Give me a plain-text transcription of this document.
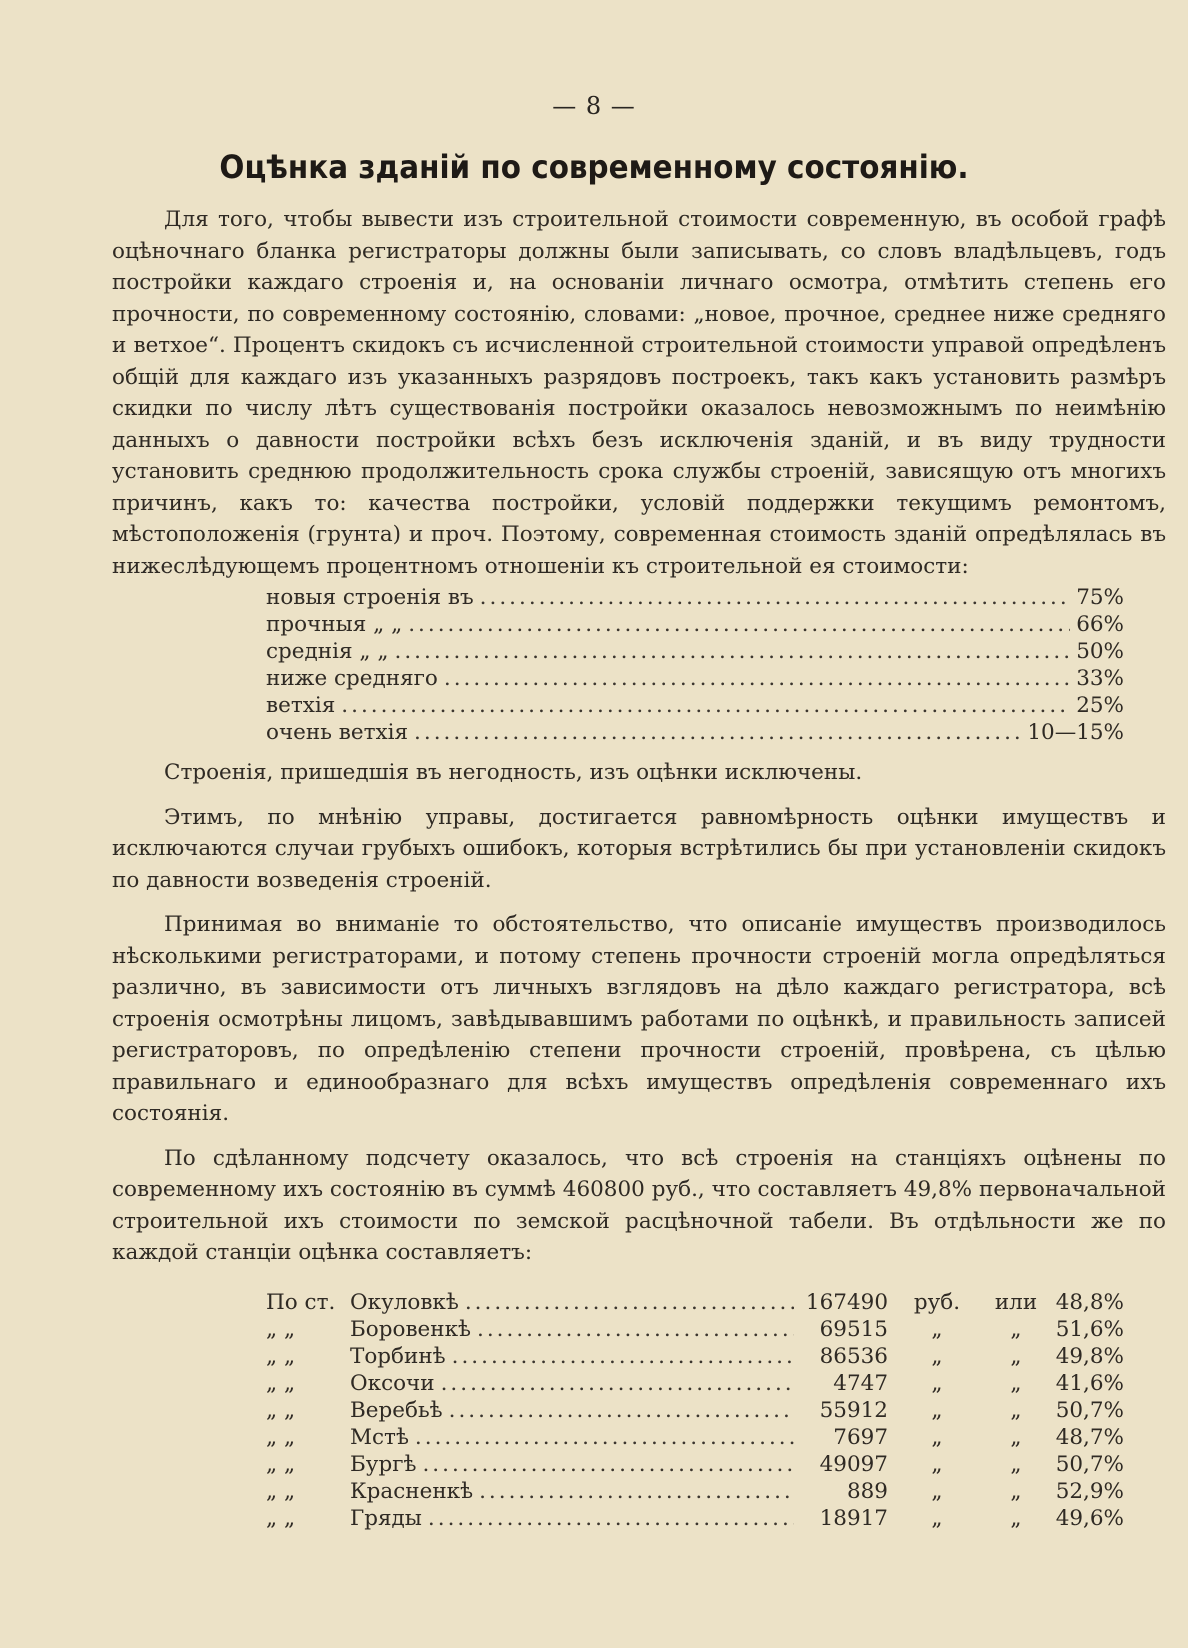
— 8 —
Оцѣнка зданій по современному состоянію.

Для того, чтобы вывести изъ строительной стоимости современную, въ особой графѣ оцѣночнаго бланка регистраторы должны были записывать, со словъ владѣльцевъ, годъ постройки каждаго строенія и, на основаніи личнаго осмотра, отмѣтить степень его прочности, по современному состоянію, словами: „новое, прочное, среднее ниже средняго и ветхое“. Процентъ скидокъ съ исчисленной строительной стоимости управой опредѣленъ общій для каждаго изъ указанныхъ разрядовъ построекъ, такъ какъ установить размѣръ скидки по числу лѣтъ существованія постройки оказалось невозможнымъ по неимѣнію данныхъ о давности постройки всѣхъ безъ исключенія зданій, и въ виду трудности установить среднюю продолжительность срока службы строеній, зависящую отъ многихъ причинъ, какъ то: качества постройки, условій поддержки текущимъ ремонтомъ, мѣстоположенія (грунта) и проч. Поэтому, современная стоимость зданій опредѣлялась въ нижеслѣдующемъ процентномъ отношеніи къ строительной ея стоимости:

новыя строенія въ .....	75%
прочныя „ „ .....	66%
среднія „ „ .....	50%
ниже средняго .....	33%
ветхія .....	25%
очень ветхія .....	10—15%

Строенія, пришедшія въ негодность, изъ оцѣнки исключены.

Этимъ, по мнѣнію управы, достигается равномѣрность оцѣнки имуществъ и исключаются случаи грубыхъ ошибокъ, которыя встрѣтились бы при установленіи скидокъ по давности возведенія строеній.

Принимая во вниманіе то обстоятельство, что описаніе имуществъ производилось нѣсколькими регистраторами, и потому степень прочности строеній могла опредѣляться различно, въ зависимости отъ личныхъ взглядовъ на дѣло каждаго регистратора, всѣ строенія осмотрѣны лицомъ, завѣдывавшимъ работами по оцѣнкѣ, и правильность записей регистраторовъ, по опредѣленію степени прочности строеній, провѣрена, съ цѣлью правильнаго и единообразнаго для всѣхъ имуществъ опредѣленія современнаго ихъ состоянія.

По сдѣланному подсчету оказалось, что всѣ строенія на станціяхъ оцѣнены по современному ихъ состоянію въ суммѣ 460800 руб., что составляетъ 49,8% первоначальной строительной ихъ стоимости по земской расцѣночной табели. Въ отдѣльности же по каждой станціи оцѣнка составляетъ:

По ст. Окуловкѣ .....	167490	руб.	или 48,8%
„ „	Боровенкѣ .....	69515	„	„	51,6%
„ „	Торбинѣ .....	86536	„	„	49,8%
„ „	Оксочи .....	4747	„	„	41,6%
„ „	Веребьѣ .....	55912	„	„	50,7%
„ „	Мстѣ .....	7697	„	„	48,7%
„ „	Бургѣ .....	49097	„	„	50,7%
„ „	Красненкѣ .....	889	„	„	52,9%
„ „	Гряды .....	18917	„	„	49,6%
